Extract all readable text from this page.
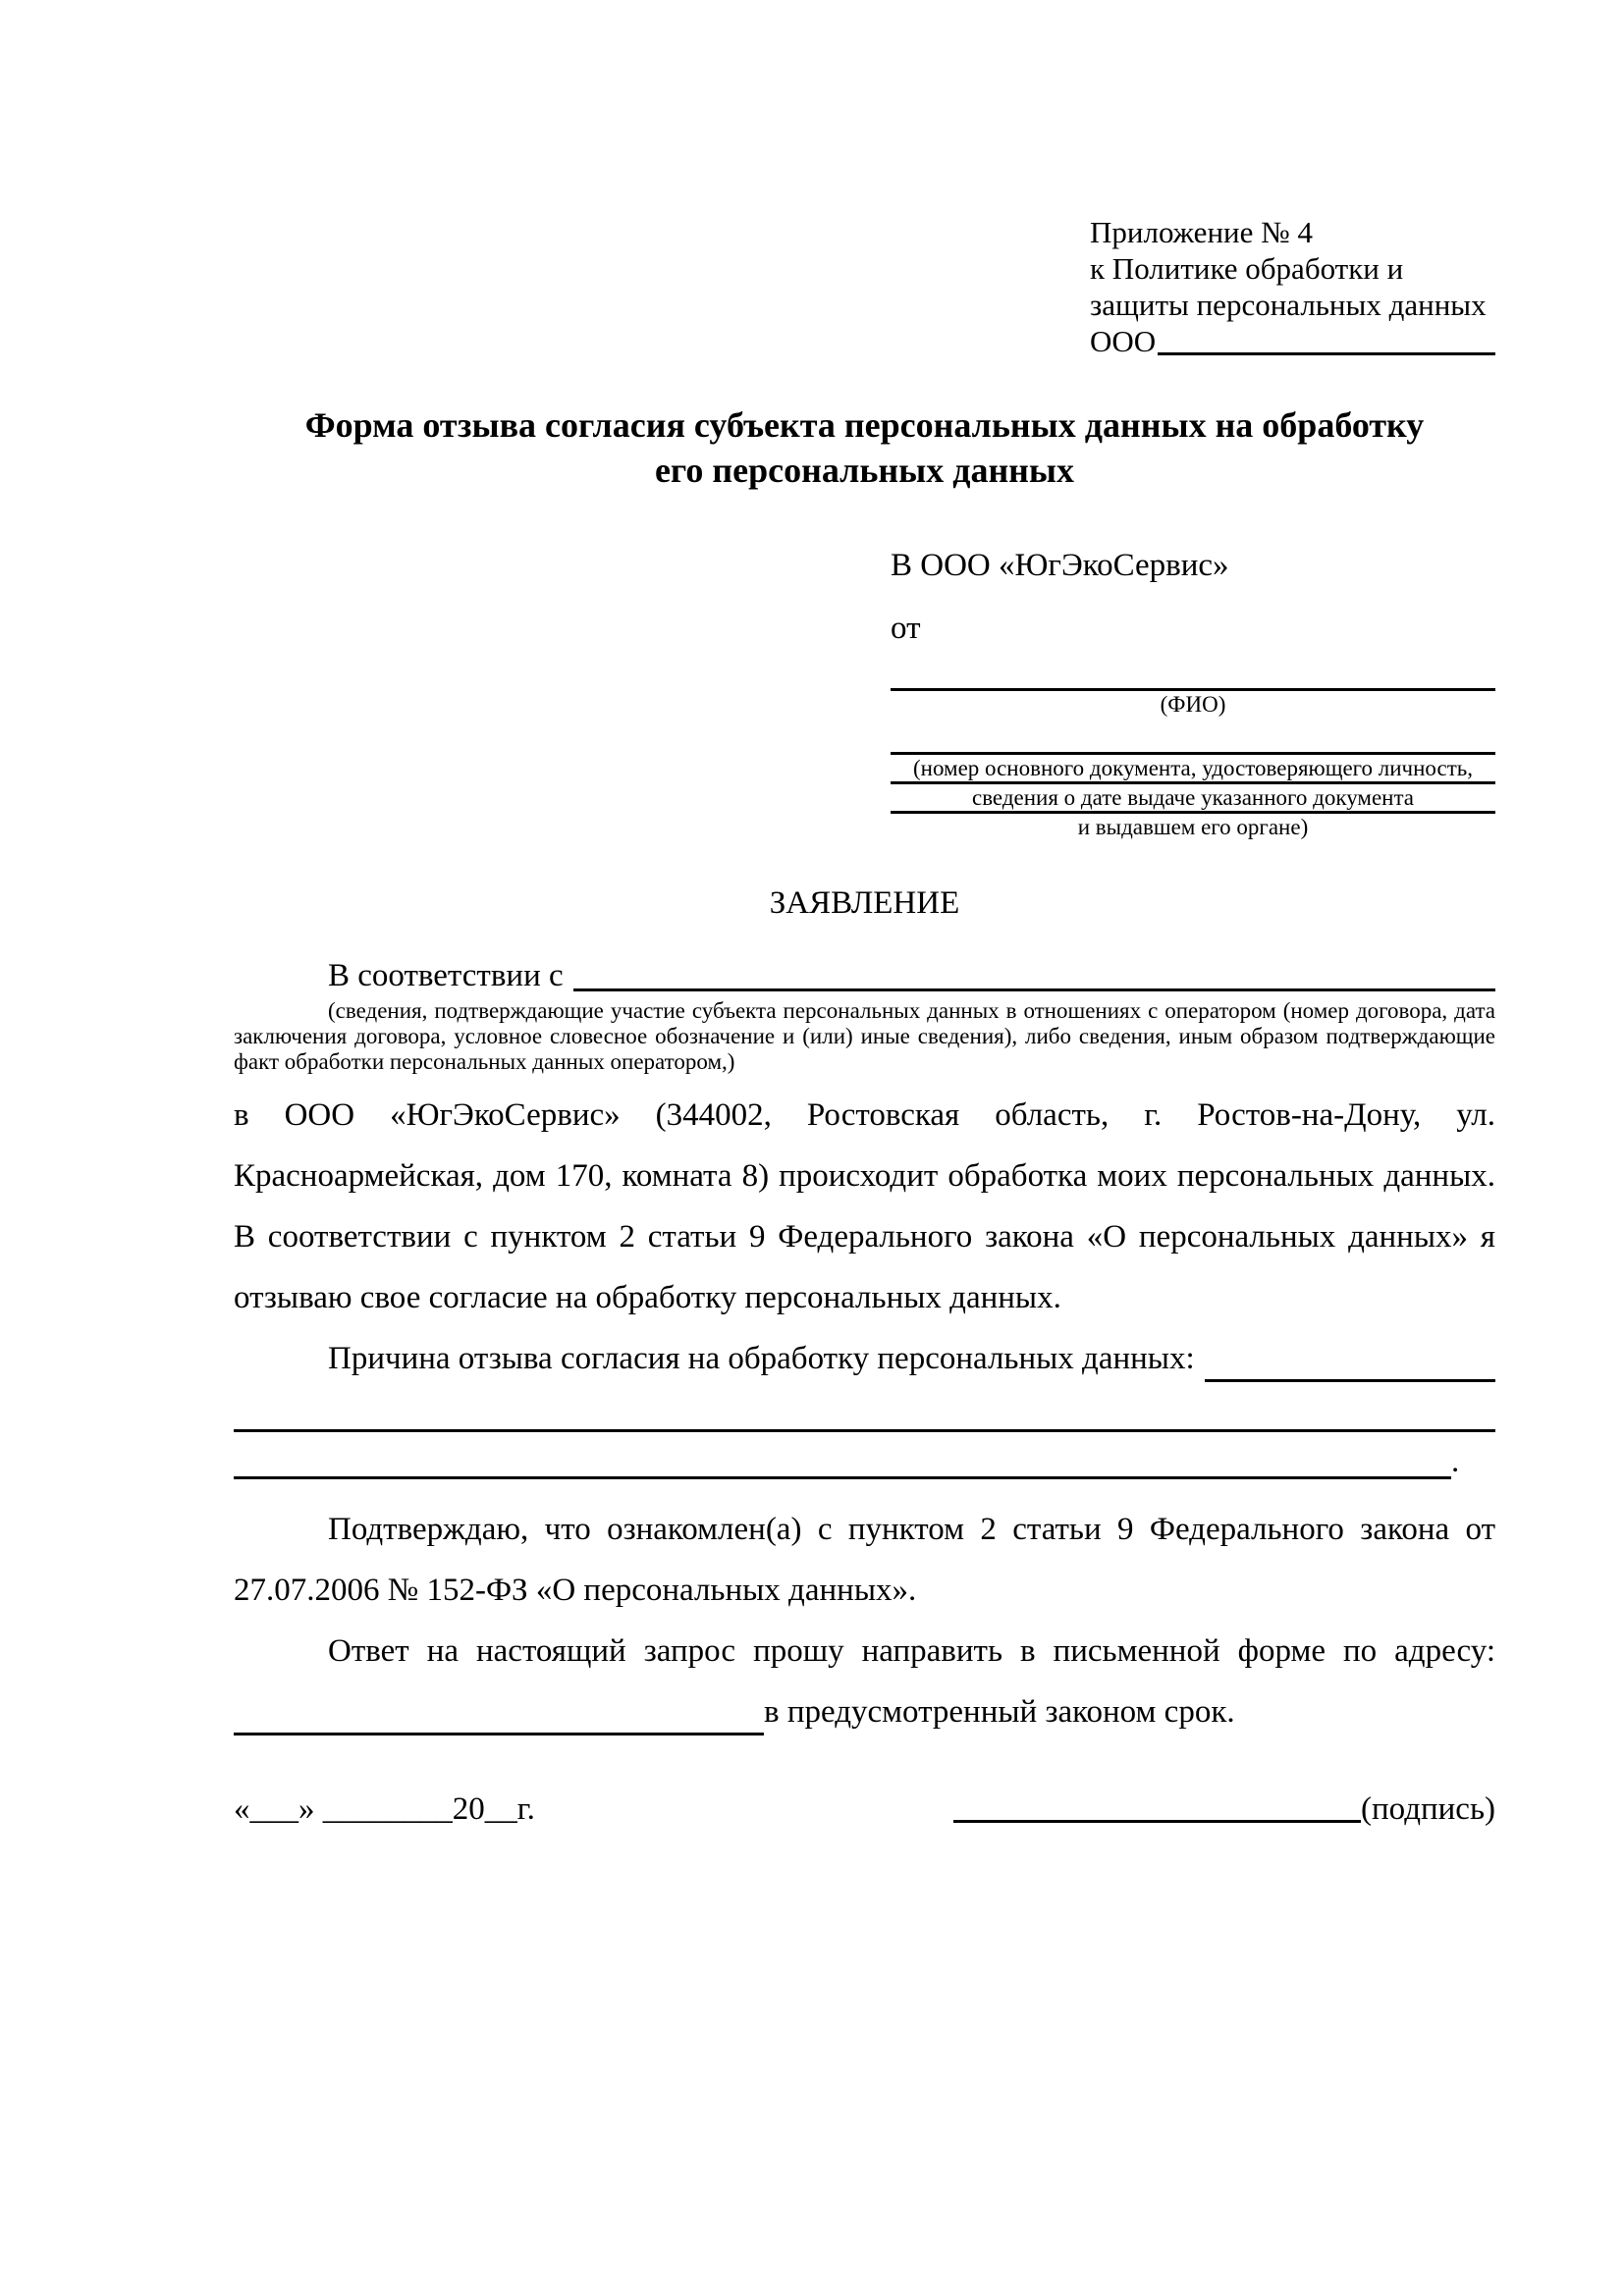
Приложение № 4
к Политике обработки и
защиты персональных данных
ООО
Форма отзыва согласия субъекта персональных данных на обработку
его персональных данных
В ООО «ЮгЭкоСервис»
от
(ФИО)
(номер основного документа, удостоверяющего личность,
сведения о дате выдаче указанного документа
и выдавшем его органе)
ЗАЯВЛЕНИЕ
В соответствии с
(сведения, подтверждающие участие субъекта персональных данных в отношениях с оператором (номер договора, дата заключения договора, условное словесное обозначение и (или) иные сведения), либо сведения, иным образом подтверждающие факт обработки персональных данных оператором,)
в ООО «ЮгЭкоСервис» (344002, Ростовская область, г. Ростов-на-Дону, ул. Красноармейская, дом 170, комната 8) происходит обработка моих персональных данных. В соответствии с пунктом 2 статьи 9 Федерального закона «О персональных данных» я отзываю свое согласие на обработку персональных данных.
Причина отзыва согласия на обработку персональных данных:
.
Подтверждаю, что ознакомлен(а) с пунктом 2 статьи 9 Федерального закона от 27.07.2006 № 152-ФЗ «О персональных данных».
Ответ на настоящий запрос прошу направить в письменной форме по адресу:
в предусмотренный законом срок.
«___» ________20__г.	(подпись)
